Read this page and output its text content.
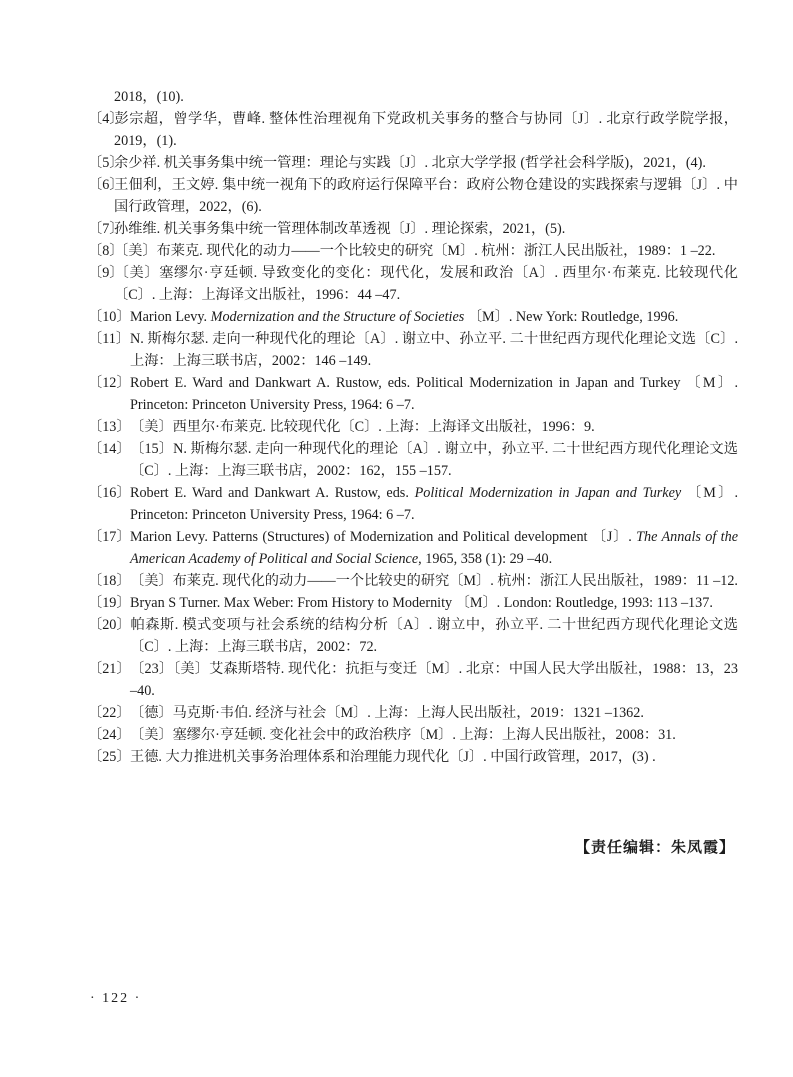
2018，(10).
〔4〕彭宗超，曾学华，曹峰. 整体性治理视角下党政机关事务的整合与协同〔J〕. 北京行政学院学报，2019，(1).
〔5〕余少祥. 机关事务集中统一管理：理论与实践〔J〕. 北京大学学报 (哲学社会科学版)，2021，(4).
〔6〕王佃利，王文婷. 集中统一视角下的政府运行保障平台：政府公物仓建设的实践探索与逻辑〔J〕. 中国行政管理，2022，(6).
〔7〕孙维维. 机关事务集中统一管理体制改革透视〔J〕. 理论探索，2021，(5).
〔8〕〔美〕布莱克. 现代化的动力——一个比较史的研究〔M〕. 杭州：浙江人民出版社，1989：1 –22.
〔9〕〔美〕塞缪尔·亨廷顿. 导致变化的变化：现代化，发展和政治〔A〕. 西里尔·布莱克. 比较现代化〔C〕. 上海：上海译文出版社，1996：44 –47.
〔10〕Marion Levy. Modernization and the Structure of Societies 〔M〕. New York: Routledge, 1996.
〔11〕N. 斯梅尔瑟. 走向一种现代化的理论〔A〕. 谢立中、孙立平. 二十世纪西方现代化理论文选〔C〕. 上海：上海三联书店，2002：146 –149.
〔12〕Robert E. Ward and Dankwart A. Rustow, eds. Political Modernization in Japan and Turkey 〔M〕. Princeton: Princeton University Press, 1964: 6 –7.
〔13〕〔美〕西里尔·布莱克. 比较现代化〔C〕. 上海：上海译文出版社，1996：9.
〔14〕〔15〕N. 斯梅尔瑟. 走向一种现代化的理论〔A〕. 谢立中，孙立平. 二十世纪西方现代化理论文选〔C〕. 上海：上海三联书店，2002：162，155 –157.
〔16〕Robert E. Ward and Dankwart A. Rustow, eds. Political Modernization in Japan and Turkey 〔M〕. Princeton: Princeton University Press, 1964: 6 –7.
〔17〕Marion Levy. Patterns (Structures) of Modernization and Political development 〔J〕. The Annals of the American Academy of Political and Social Science, 1965, 358 (1): 29 –40.
〔18〕〔美〕布莱克. 现代化的动力——一个比较史的研究〔M〕. 杭州：浙江人民出版社，1989：11 –12.
〔19〕Bryan S Turner. Max Weber: From History to Modernity 〔M〕. London: Routledge, 1993: 113 –137.
〔20〕帕森斯. 模式变项与社会系统的结构分析〔A〕. 谢立中，孙立平. 二十世纪西方现代化理论文选〔C〕. 上海：上海三联书店，2002：72.
〔21〕〔23〕〔美〕艾森斯塔特. 现代化：抗拒与变迁〔M〕. 北京：中国人民大学出版社，1988：13，23 –40.
〔22〕〔德〕马克斯·韦伯. 经济与社会〔M〕. 上海：上海人民出版社，2019：1321 –1362.
〔24〕〔美〕塞缪尔·亨廷顿. 变化社会中的政治秩序〔M〕. 上海：上海人民出版社，2008：31.
〔25〕王德. 大力推进机关事务治理体系和治理能力现代化〔J〕. 中国行政管理，2017，(3) .
【责任编辑：朱凤霞】
· 122 ·
